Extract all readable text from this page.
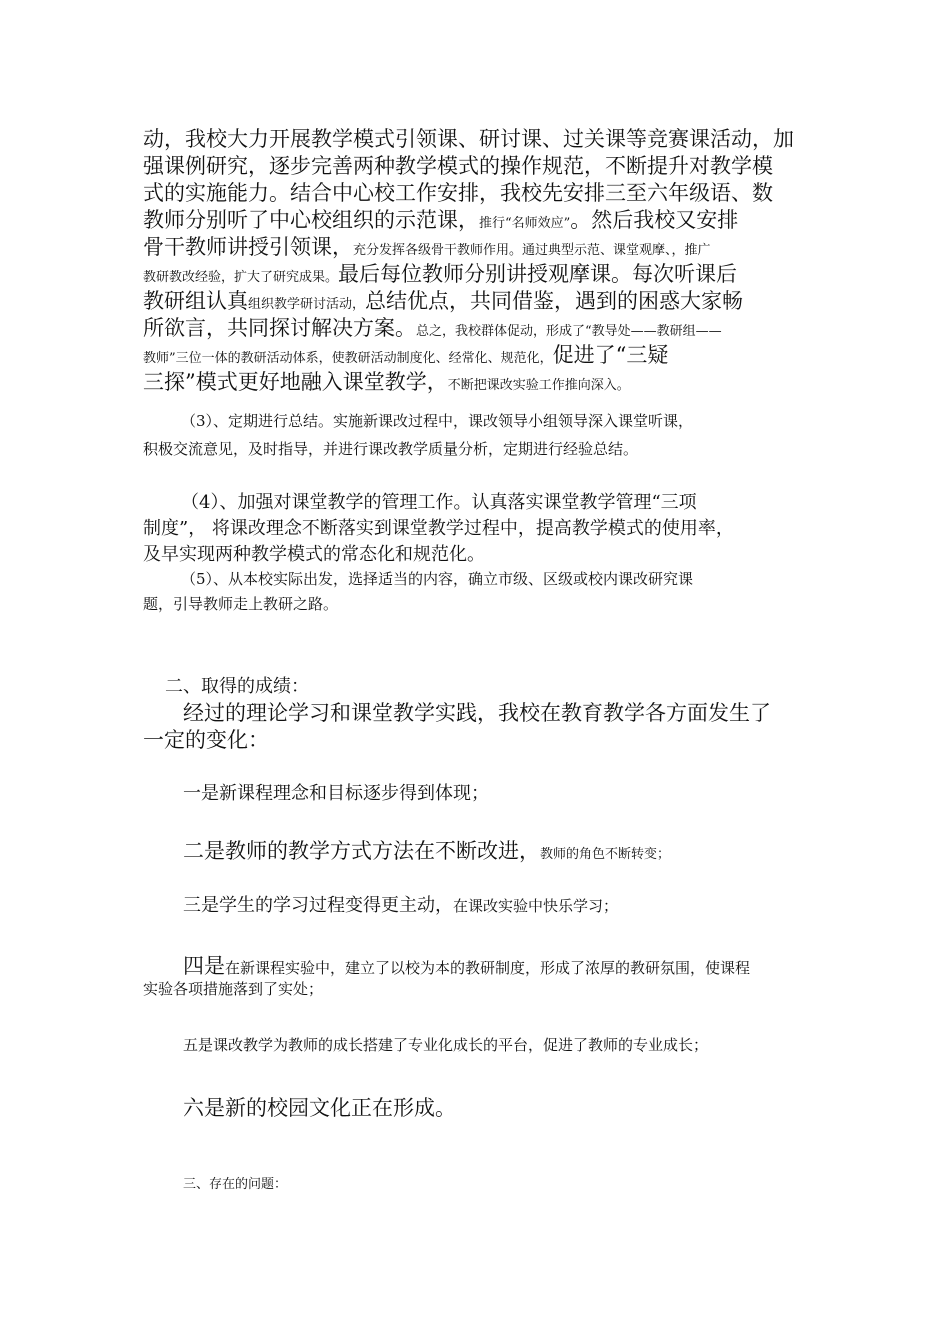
动，我校大力开展教学模式引领课、研讨课、过关课等竞赛课活动，加

强课例研究，逐步完善两种教学模式的操作规范，不断提升对教学模

式的实施能力。结合中心校工作安排，我校先安排三至六年级语、数

教师分别听了中心校组织的示范课，推行“名师效应”。然后我校又安排

骨干教师讲授引领课，充分发挥各级骨干教师作用。通过典型示范、课堂观摩、，推广

教研教改经验，扩大了研究成果。最后每位教师分别讲授观摩课。每次听课后

教研组认真组织教学研讨活动，总结优点，共同借鉴，遇到的困惑大家畅

所欲言，共同探讨解决方案。总之，我校群体促动，形成了“教导处——教研组——

教师”三位一体的教研活动体系，使教研活动制度化、经常化、规范化，促进了“三疑

三探”模式更好地融入课堂教学，不断把课改实验工作推向深入。

（3）、定期进行总结。实施新课改过程中，课改领导小组领导深入课堂听课，

积极交流意见，及时指导，并进行课改教学质量分析，定期进行经验总结。

（4）、加强对课堂教学的管理工作。认真落实课堂教学管理“三项

制度”， 将课改理念不断落实到课堂教学过程中，提高教学模式的使用率，

及早实现两种教学模式的常态化和规范化。

（5）、从本校实际出发，选择适当的内容，确立市级、区级或校内课改研究课

题，引导教师走上教研之路。

二、取得的成绩：

经过的理论学习和课堂教学实践，我校在教育教学各方面发生了

一定的变化：

一是新课程理念和目标逐步得到体现；

二是教师的教学方式方法在不断改进，教师的角色不断转变；

三是学生的学习过程变得更主动，在课改实验中快乐学习；

四是在新课程实验中，建立了以校为本的教研制度，形成了浓厚的教研氛围，使课程

实验各项措施落到了实处；

五是课改教学为教师的成长搭建了专业化成长的平台，促进了教师的专业成长；

六是新的校园文化正在形成。

三、存在的问题：
